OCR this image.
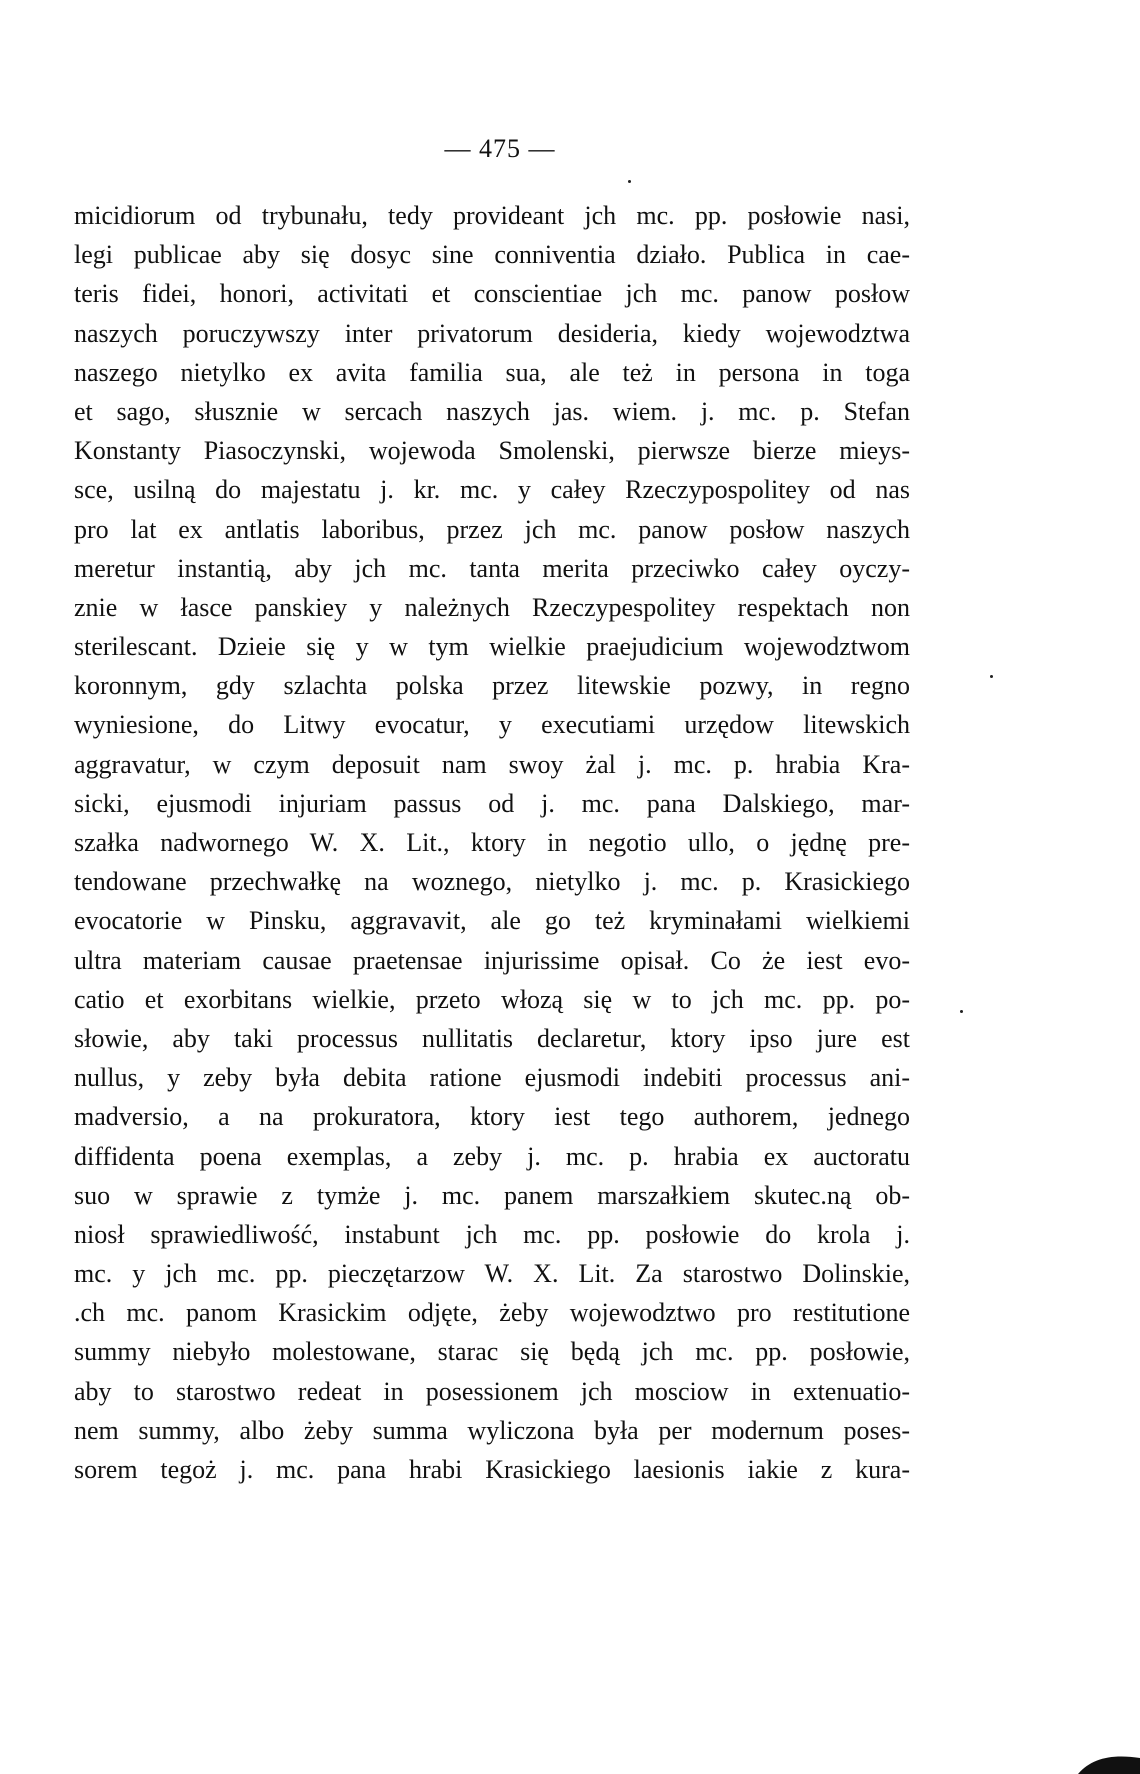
— 475 —
micidiorum od trybunału, tedy provideant jch mc. pp. posłowie nasi,
legi publicae aby się dosyc sine conniventia działo. Publica in cae-
teris fidei, honori, activitati et conscientiae jch mc. panow posłow
naszych poruczywszy inter privatorum desideria, kiedy wojewodztwa
naszego nietylko ex avita familia sua, ale też in persona in toga
et sago, słusznie w sercach naszych jas. wiem. j. mc. p. Stefan
Konstanty Piasoczynski, wojewoda Smolenski, pierwsze bierze mieys-
sce, usilną do majestatu j. kr. mc. y całey Rzeczypospolitey od nas
pro lat ex antlatis laboribus, przez jch mc. panow posłow naszych
meretur instantią, aby jch mc. tanta merita przeciwko całey oyczy-
znie w łasce panskiey y należnych Rzeczypespolitey respektach non
sterilescant. Dzieie się y w tym wielkie praejudicium wojewodztwom
koronnym, gdy szlachta polska przez litewskie pozwy, in regno
wyniesione, do Litwy evocatur, y executiami urzędow litewskich
aggravatur, w czym deposuit nam swoy żal j. mc. p. hrabia Kra-
sicki, ejusmodi injuriam passus od j. mc. pana Dalskiego, mar-
szałka nadwornego W. X. Lit., ktory in negotio ullo, o jędnę pre-
tendowane przechwałkę na woznego, nietylko j. mc. p. Krasickiego
evocatorie w Pinsku, aggravavit, ale go też kryminałami wielkiemi
ultra materiam causae praetensae injurissime opisał. Co że iest evo-
catio et exorbitans wielkie, przeto włozą się w to jch mc. pp. po-
słowie, aby taki processus nullitatis declaretur, ktory ipso jure est
nullus, y zeby była debita ratione ejusmodi indebiti processus ani-
madversio, a na prokuratora, ktory iest tego authorem, jednego
diffidenta poena exemplas, a zeby j. mc. p. hrabia ex auctoratu
suo w sprawie z tymże j. mc. panem marszałkiem skutec.ną ob-
niosł sprawiedliwość, instabunt jch mc. pp. posłowie do krola j.
mc. y jch mc. pp. pieczętarzow W. X. Lit. Za starostwo Dolinskie,
.ch mc. panom Krasickim odjęte, żeby wojewodztwo pro restitutione
summy niebyło molestowane, starac się będą jch mc. pp. posłowie,
aby to starostwo redeat in posessionem jch mosciow in extenuatio-
nem summy, albo żeby summa wyliczona była per modernum poses-
sorem tegoż j. mc. pana hrabi Krasickiego laesionis iakie z kura-
